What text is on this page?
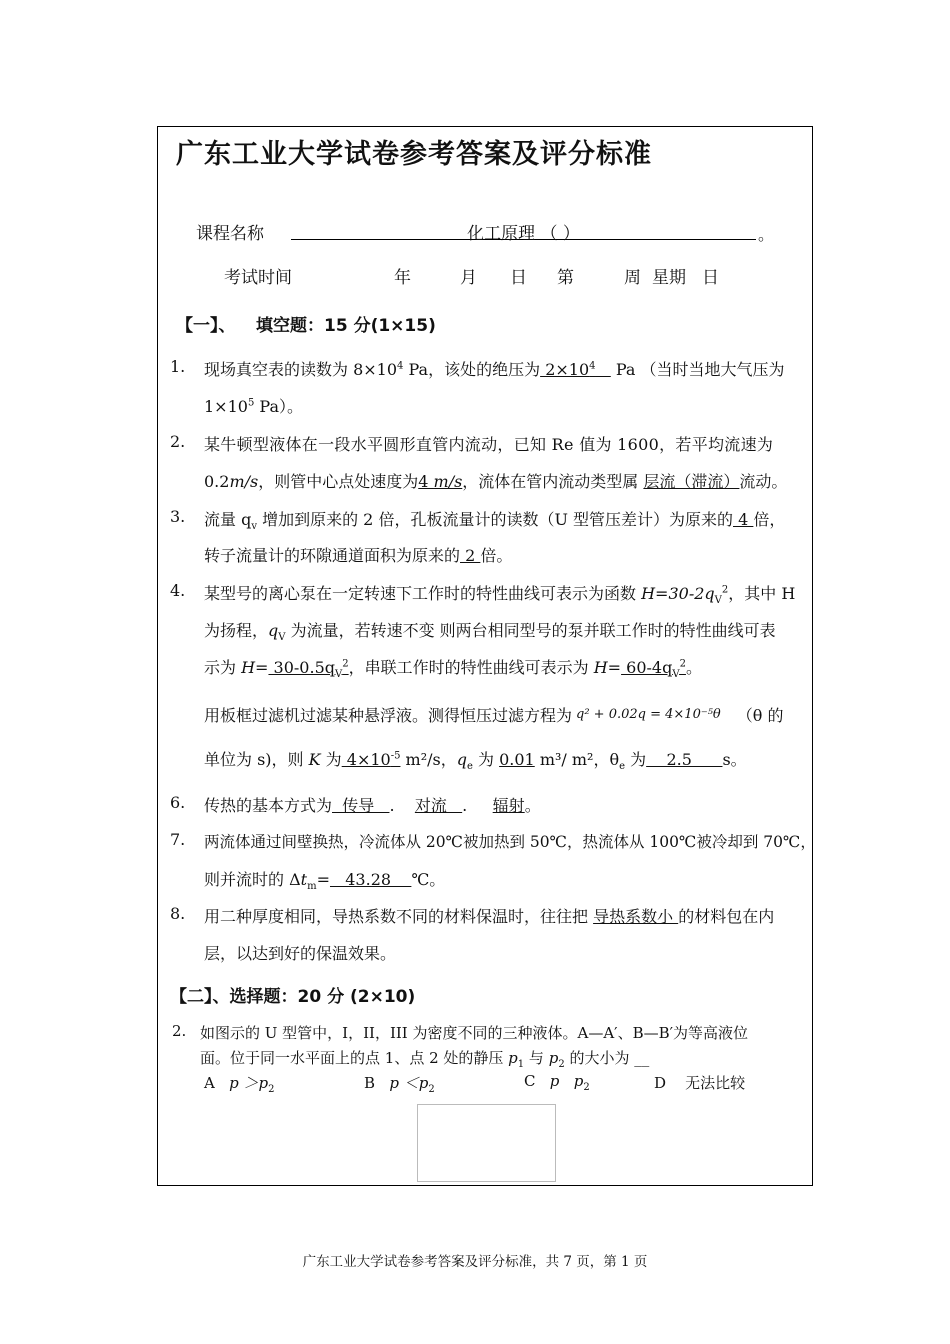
广东工业大学试卷参考答案及评分标准
课程名称	化工原理 （ ）	。
考试时间	年	月 日 第	周 星期 日
【一】、 填空题：15 分(1×15)
1. 现场真空表的读数为 $8\times 10^4$ Pa，该处的绝压为 $2\times 10^4$    Pa （当时当地大气压为
$1\times 10^5$ Pa）。
2. 某牛顿型液体在一段水平圆形直管内流动，已知 Re 值为 1600，若平均流速为
0.2m/s，则管中心点处速度为4 m/s，流体在管内流动类型属 层流（滞流）流动。
3. 流量 $q_v$ 增加到原来的 2 倍，孔板流量计的读数（U 型管压差计）为原来的 4 倍，
转子流量计的环隙通道面积为原来的 2 倍。
4. 某型号的离心泵在一定转速下工作时的特性曲线可表示为函数 $H=30-2q_V^2$，其中 H
为扬程，$q_V$ 为流量，若转速不变 则两台相同型号的泵并联工作时的特性曲线可表
示为 $H= 30-0.5q_V^2$，串联工作时的特性曲线可表示为 $H= 60-4q_V^2$。
用板框过滤机过滤某种悬浮液。测得恒压过滤方程为 q² + 0.02q = 4×10⁻⁵θ （θ 的
单位为 s)，则 K 为 $4\times 10^{-5}$ m²/s，$q_e$ 为 0.01 m³/ m²，$\theta_e$ 为    2.5      s。
6. 传热的基本方式为  传导   .    对流   .     辐射。
7. 两流体通过间壁换热，冷流体从 20℃被加热到 50℃，热流体从 100℃被冷却到 70℃，
则并流时的 $\Delta t_m= 43.28$    ℃。
8. 用二种厚度相同，导热系数不同的材料保温时，往往把 导热系数小 的材料包在内
层，以达到好的保温效果。
【二】、选择题：20 分 (2×10)
2. 如图示的 U 型管中，I，II，III 为密度不同的三种液体。A—A′、B—B′为等高液位
面。位于同一水平面上的点 1、点 2 处的静压 $p_1$ 与 $p_2$ 的大小为 __
A $p >p_2$	B $p <p_2$	C p   $p_2$	D 无法比较
广东工业大学试卷参考答案及评分标准，共 7 页，第 1 页
